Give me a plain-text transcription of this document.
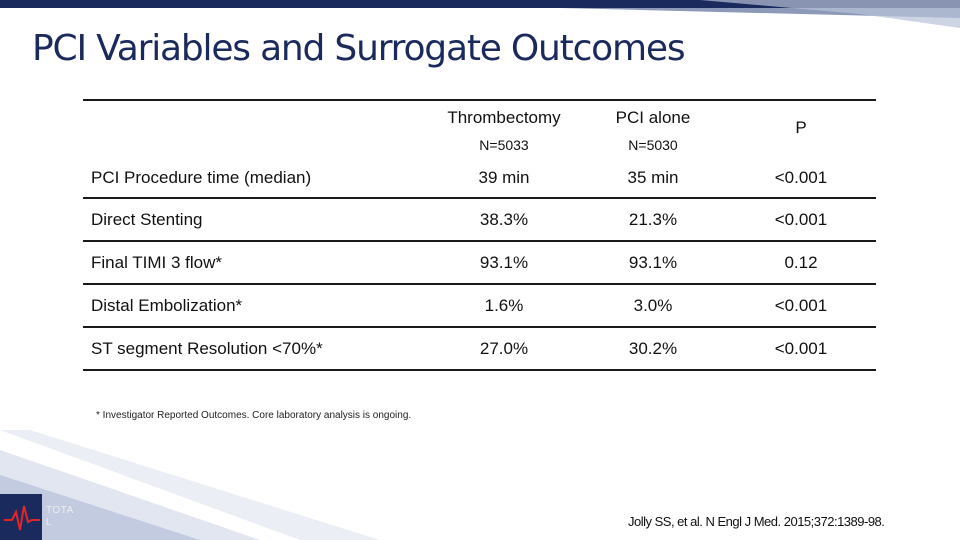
PCI Variables and Surrogate Outcomes
	Thrombectomy	PCI alone	P
	N=5033	N=5030	
PCI Procedure time (median)	39 min	35 min	<0.001
Direct Stenting	38.3%	21.3%	<0.001
Final TIMI 3 flow*	93.1%	93.1%	0.12
Distal Embolization*	1.6%	3.0%	<0.001
ST segment Resolution <70%*	27.0%	30.2%	<0.001
* Investigator Reported Outcomes. Core laboratory analysis is ongoing.
TOTA
L	Jolly SS, et al. N Engl J Med. 2015;372:1389-98.
